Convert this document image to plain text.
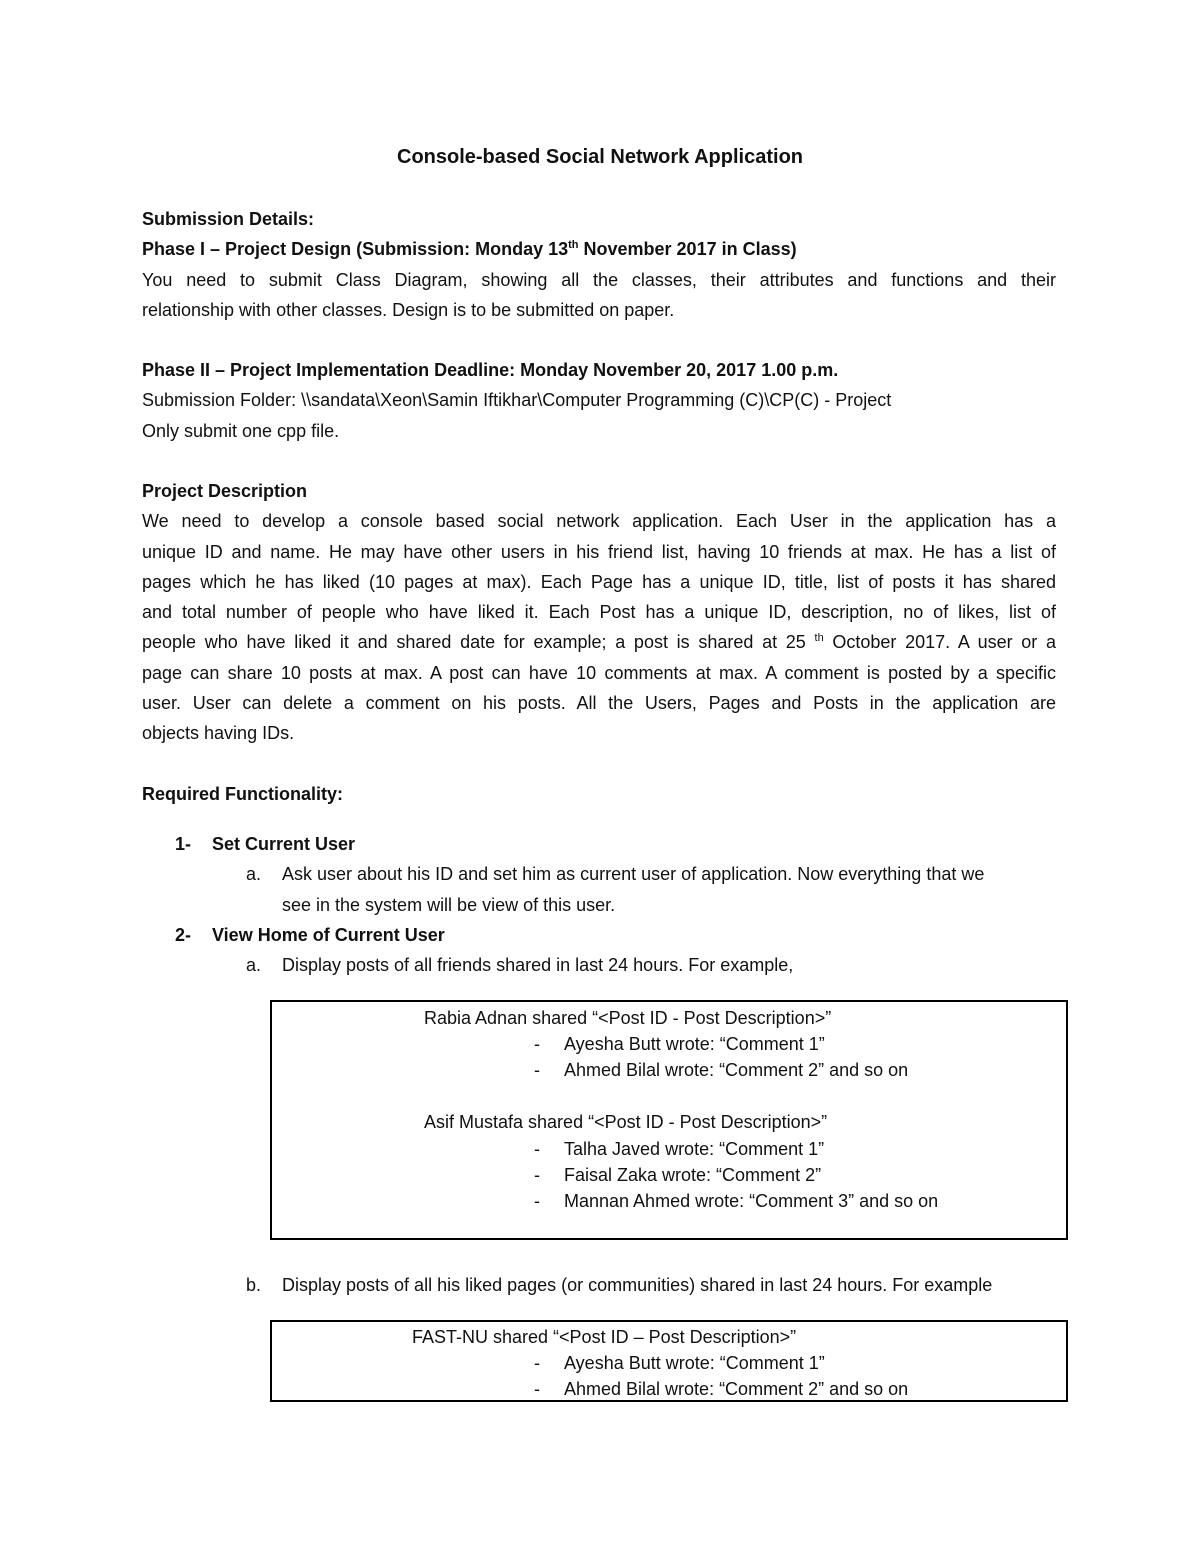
Console-based Social Network Application
Submission Details:
Phase I – Project Design (Submission: Monday 13th November 2017 in Class)
You need to submit Class Diagram, showing all the classes, their attributes and functions and their
relationship with other classes. Design is to be submitted on paper.
Phase II – Project Implementation Deadline: Monday November 20, 2017 1.00 p.m.
Submission Folder: \\sandata\Xeon\Samin Iftikhar\Computer Programming (C)\CP(C) - Project
Only submit one cpp file.
Project Description
We need to develop a console based social network application. Each User in the application has a
unique ID and name. He may have other users in his friend list, having 10 friends at max. He has a list of
pages which he has liked (10 pages at max). Each Page has a unique ID, title, list of posts it has shared
and total number of people who have liked it. Each Post has a unique ID, description, no of likes, list of
people who have liked it and shared date for example; a post is shared at 25 $^{th}$ October 2017. A user or a
page can share 10 posts at max. A post can have 10 comments at max. A comment is posted by a specific
user. User can delete a comment on his posts. All the Users, Pages and Posts in the application are
objects having IDs.
Required Functionality:
1- Set Current User
a. Ask user about his ID and set him as current user of application. Now everything that we
see in the system will be view of this user.
2- View Home of Current User
a. Display posts of all friends shared in last 24 hours. For example,
Rabia Adnan shared “<Post ID - Post Description>”
- Ayesha Butt wrote: “Comment 1”
- Ahmed Bilal wrote: “Comment 2” and so on
Asif Mustafa shared “<Post ID - Post Description>”
- Talha Javed wrote: “Comment 1”
- Faisal Zaka wrote: “Comment 2”
- Mannan Ahmed wrote: “Comment 3” and so on
b. Display posts of all his liked pages (or communities) shared in last 24 hours. For example
FAST-NU shared “<Post ID – Post Description>”
- Ayesha Butt wrote: “Comment 1”
- Ahmed Bilal wrote: “Comment 2” and so on
